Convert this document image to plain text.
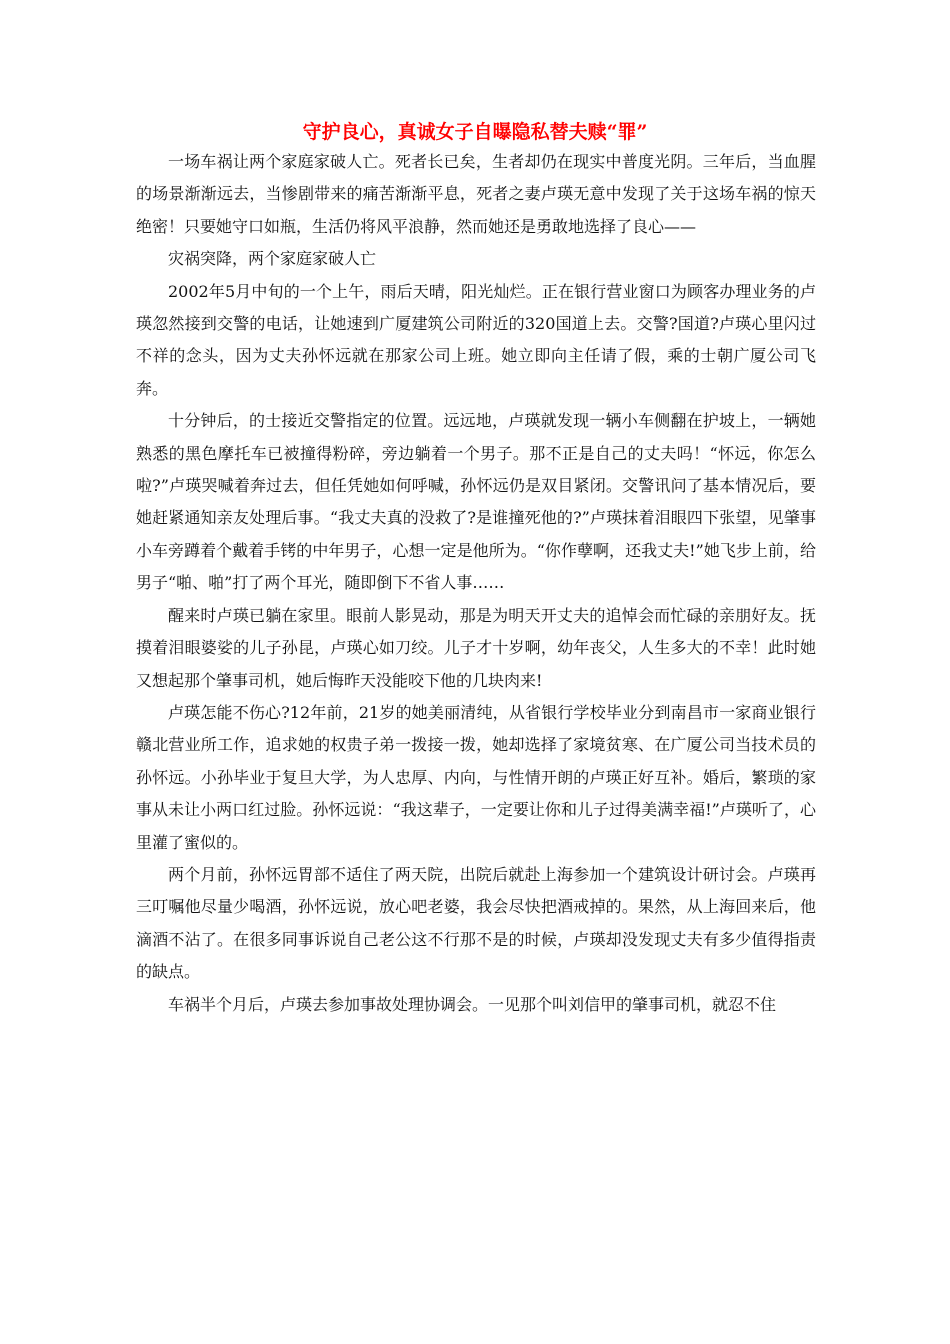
守护良心，真诚女子自曝隐私替夫赎“罪”

一场车祸让两个家庭家破人亡。死者长已矣，生者却仍在现实中普度光阴。三年后，当血腥的场景渐渐远去，当惨剧带来的痛苦渐渐平息，死者之妻卢瑛无意中发现了关于这场车祸的惊天绝密！只要她守口如瓶，生活仍将风平浪静，然而她还是勇敢地选择了良心——

灾祸突降，两个家庭家破人亡

2002年5月中旬的一个上午，雨后天晴，阳光灿烂。正在银行营业窗口为顾客办理业务的卢瑛忽然接到交警的电话，让她速到广厦建筑公司附近的320国道上去。交警?国道?卢瑛心里闪过不祥的念头，因为丈夫孙怀远就在那家公司上班。她立即向主任请了假，乘的士朝广厦公司飞奔。

十分钟后，的士接近交警指定的位置。远远地，卢瑛就发现一辆小车侧翻在护坡上，一辆她熟悉的黑色摩托车已被撞得粉碎，旁边躺着一个男子。那不正是自己的丈夫吗！“怀远，你怎么啦?”卢瑛哭喊着奔过去，但任凭她如何呼喊，孙怀远仍是双目紧闭。交警讯问了基本情况后，要她赶紧通知亲友处理后事。“我丈夫真的没救了?是谁撞死他的?”卢瑛抹着泪眼四下张望，见肇事小车旁蹲着个戴着手铐的中年男子，心想一定是他所为。“你作孽啊，还我丈夫!”她飞步上前，给男子“啪、啪”打了两个耳光，随即倒下不省人事……

醒来时卢瑛已躺在家里。眼前人影晃动，那是为明天开丈夫的追悼会而忙碌的亲朋好友。抚摸着泪眼婆娑的儿子孙昆，卢瑛心如刀绞。儿子才十岁啊，幼年丧父，人生多大的不幸！此时她又想起那个肇事司机，她后悔昨天没能咬下他的几块肉来!

卢瑛怎能不伤心?12年前，21岁的她美丽清纯，从省银行学校毕业分到南昌市一家商业银行赣北营业所工作，追求她的权贵子弟一拨接一拨，她却选择了家境贫寒、在广厦公司当技术员的孙怀远。小孙毕业于复旦大学，为人忠厚、内向，与性情开朗的卢瑛正好互补。婚后，繁琐的家事从未让小两口红过脸。孙怀远说：“我这辈子，一定要让你和儿子过得美满幸福!”卢瑛听了，心里灌了蜜似的。

两个月前，孙怀远胃部不适住了两天院，出院后就赴上海参加一个建筑设计研讨会。卢瑛再三叮嘱他尽量少喝酒，孙怀远说，放心吧老婆，我会尽快把酒戒掉的。果然，从上海回来后，他滴酒不沾了。在很多同事诉说自己老公这不行那不是的时候，卢瑛却没发现丈夫有多少值得指责的缺点。

车祸半个月后，卢瑛去参加事故处理协调会。一见那个叫刘信甲的肇事司机，就忍不住
